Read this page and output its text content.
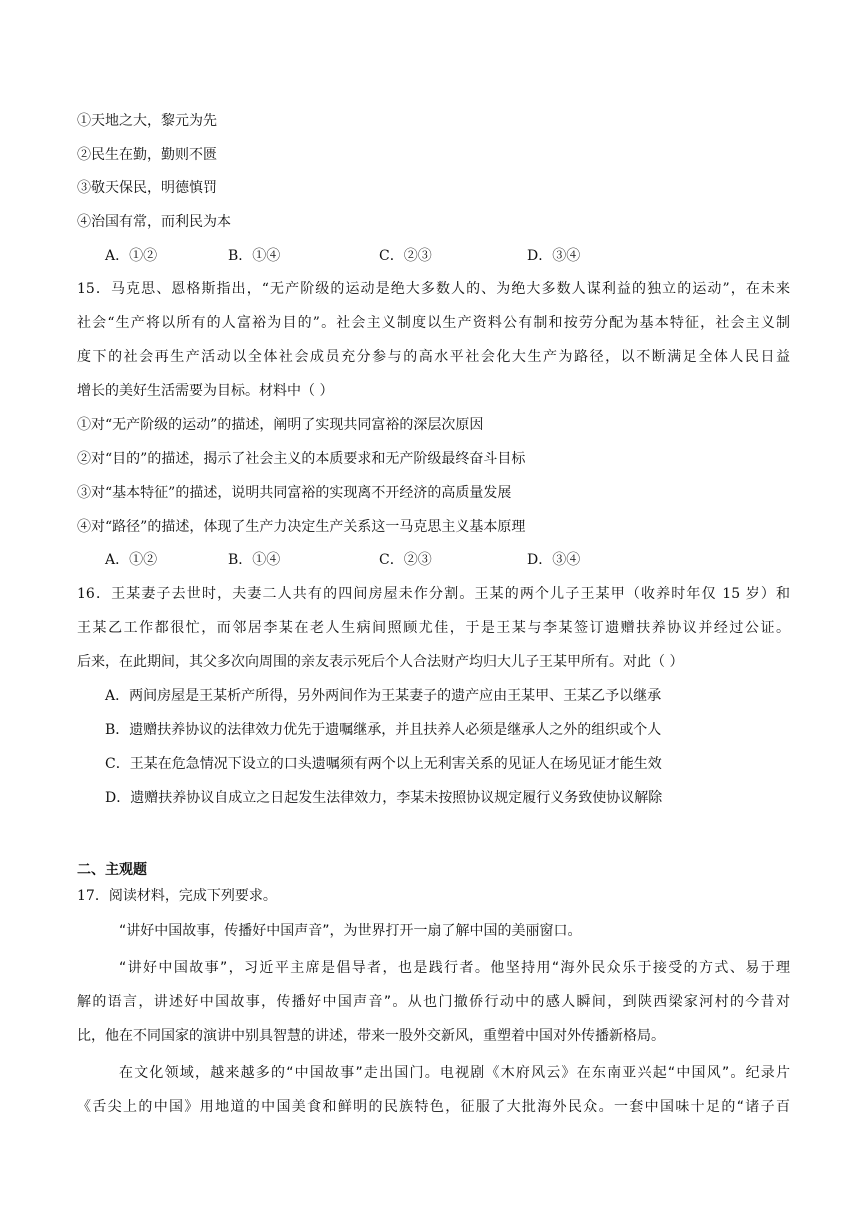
①天地之大，黎元为先
②民生在勤，勤则不匮
③敬天保民，明德慎罚
④治国有常，而利民为本
A．①②	B．①④	C．②③	D．③④
15．马克思、恩格斯指出，“无产阶级的运动是绝大多数人的、为绝大多数人谋利益的独立的运动”，在未来
社会“生产将以所有的人富裕为目的”。社会主义制度以生产资料公有制和按劳分配为基本特征，社会主义制
度下的社会再生产活动以全体社会成员充分参与的高水平社会化大生产为路径，以不断满足全体人民日益
增长的美好生活需要为目标。材料中（ ）
①对“无产阶级的运动”的描述，阐明了实现共同富裕的深层次原因
②对“目的”的描述，揭示了社会主义的本质要求和无产阶级最终奋斗目标
③对“基本特征”的描述，说明共同富裕的实现离不开经济的高质量发展
④对“路径”的描述，体现了生产力决定生产关系这一马克思主义基本原理
A．①②	B．①④	C．②③	D．③④
16．王某妻子去世时，夫妻二人共有的四间房屋未作分割。王某的两个儿子王某甲（收养时年仅 15 岁）和
王某乙工作都很忙，而邻居李某在老人生病间照顾尤佳，于是王某与李某签订遗赠扶养协议并经过公证。
后来，在此期间，其父多次向周围的亲友表示死后个人合法财产均归大儿子王某甲所有。对此（ ）
A．两间房屋是王某析产所得，另外两间作为王某妻子的遗产应由王某甲、王某乙予以继承
B．遗赠扶养协议的法律效力优先于遗嘱继承，并且扶养人必须是继承人之外的组织或个人
C．王某在危急情况下设立的口头遗嘱须有两个以上无利害关系的见证人在场见证才能生效
D．遗赠扶养协议自成立之日起发生法律效力，李某未按照协议规定履行义务致使协议解除
二、主观题
17．阅读材料，完成下列要求。
“讲好中国故事，传播好中国声音”，为世界打开一扇了解中国的美丽窗口。
“讲好中国故事”，习近平主席是倡导者，也是践行者。他坚持用“海外民众乐于接受的方式、易于理
解的语言，讲述好中国故事，传播好中国声音”。从也门撤侨行动中的感人瞬间，到陕西梁家河村的今昔对
比，他在不同国家的演讲中别具智慧的讲述，带来一股外交新风，重塑着中国对外传播新格局。
在文化领域，越来越多的“中国故事”走出国门。电视剧《木府风云》在东南亚兴起“中国风”。纪录片
《舌尖上的中国》用地道的中国美食和鲜明的民族特色，征服了大批海外民众。一套中国味十足的“诸子百
